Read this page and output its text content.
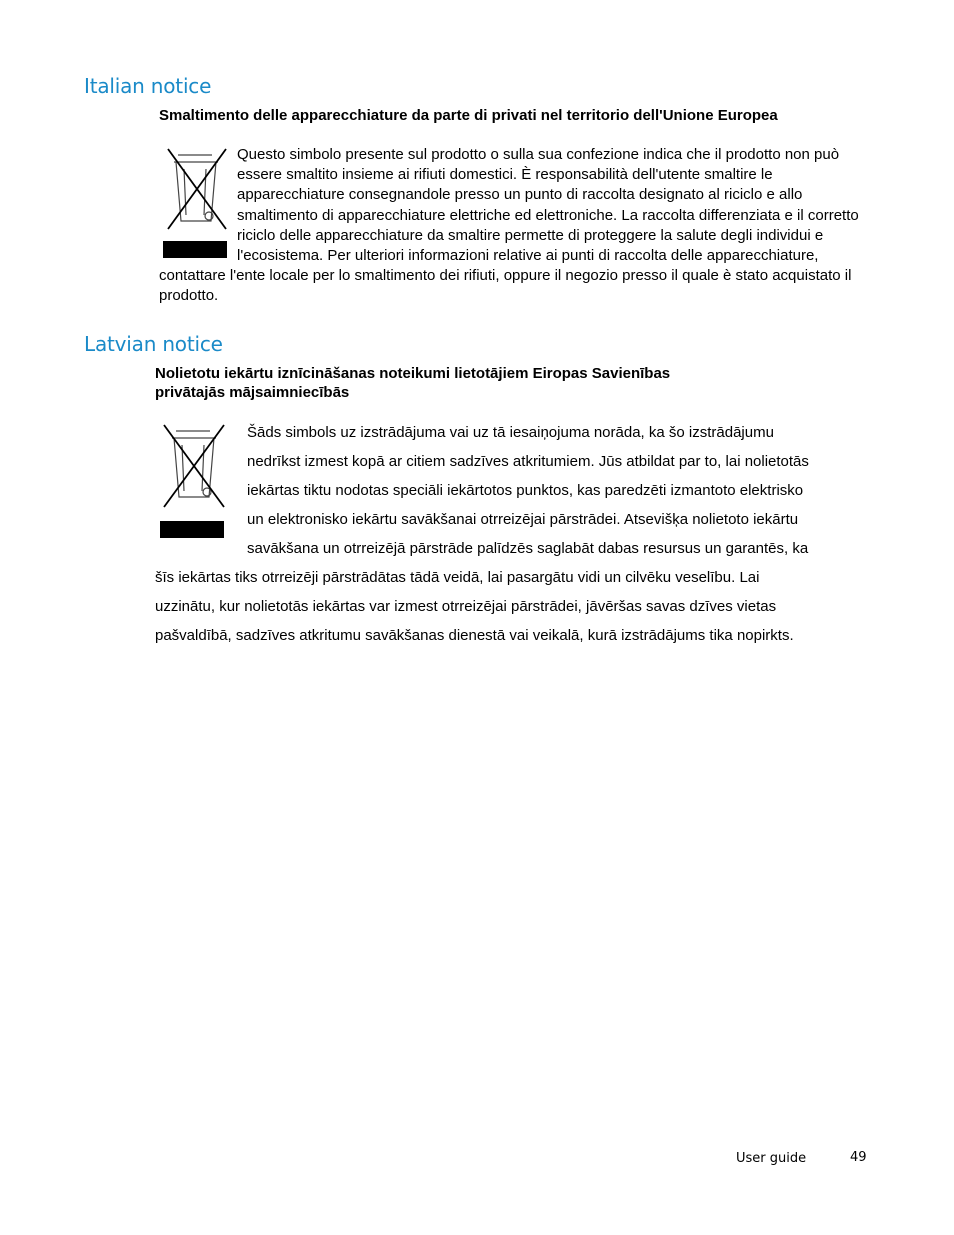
Italian notice

Smaltimento delle apparecchiature da parte di privati nel territorio dell'Unione Europea

Questo simbolo presente sul prodotto o sulla sua confezione indica che il prodotto non può essere smaltito insieme ai rifiuti domestici. È responsabilità dell'utente smaltire le apparecchiature consegnandole presso un punto di raccolta designato al riciclo e allo smaltimento di apparecchiature elettriche ed elettroniche. La raccolta differenziata e il corretto riciclo delle apparecchiature da smaltire permette di proteggere la salute degli individui e l'ecosistema. Per ulteriori informazioni relative ai punti di raccolta delle apparecchiature, contattare l'ente locale per lo smaltimento dei rifiuti, oppure il negozio presso il quale è stato acquistato il prodotto.

Latvian notice

Nolietotu iekārtu iznīcināšanas noteikumi lietotājiem Eiropas Savienības
privātajās mājsaimniecībās

Šāds simbols uz izstrādājuma vai uz tā iesaiņojuma norāda, ka šo izstrādājumu nedrīkst izmest kopā ar citiem sadzīves atkritumiem. Jūs atbildat par to, lai nolietotās iekārtas tiktu nodotas speciāli iekārtotos punktos, kas paredzēti izmantoto elektrisko un elektronisko iekārtu savākšanai otrreizējai pārstrādei. Atsevišķa nolietoto iekārtu savākšana un otrreizējā pārstrāde palīdzēs saglabāt dabas resursus un garantēs, ka šīs iekārtas tiks otrreizēji pārstrādātas tādā veidā, lai pasargātu vidi un cilvēku veselību. Lai uzzinātu, kur nolietotās iekārtas var izmest otrreizējai pārstrādei, jāvēršas savas dzīves vietas pašvaldībā, sadzīves atkritumu savākšanas dienestā vai veikalā, kurā izstrādājums tika nopirkts.

User guide	49
